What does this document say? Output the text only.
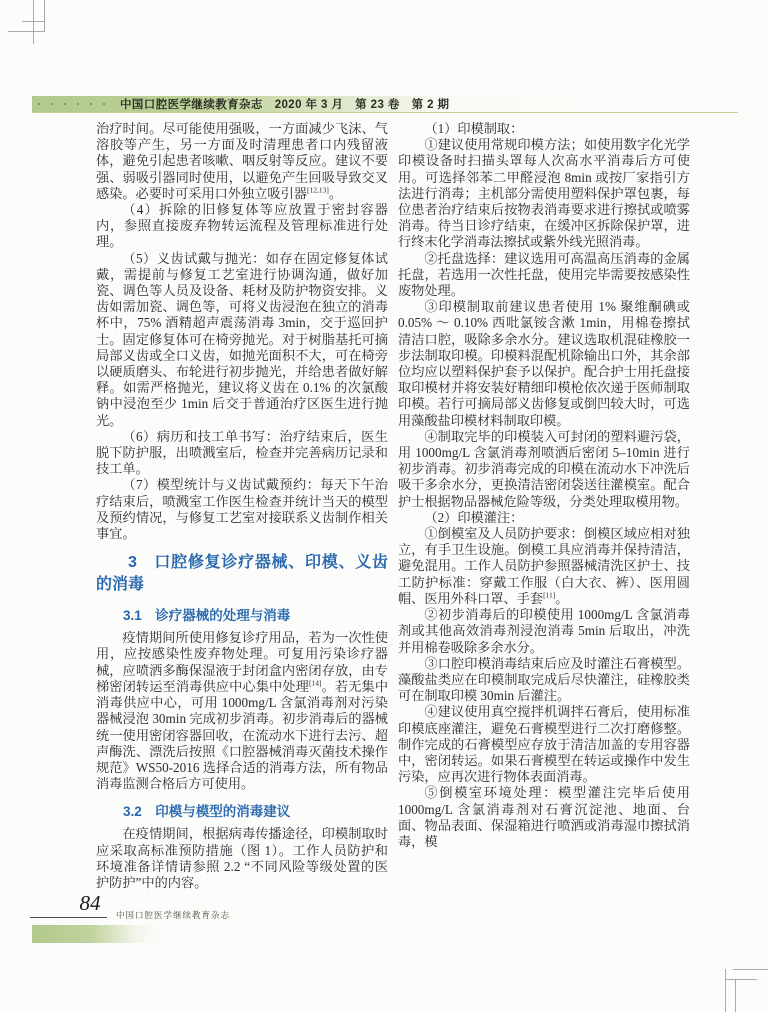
中国口腔医学继续教育杂志　2020 年 3 月　第 23 卷　第 2 期

治疗时间。尽可能使用强吸，一方面减少飞沫、气溶胶等产生，另一方面及时清理患者口内残留液体，避免引起患者咳嗽、咽反射等反应。建议不要强、弱吸引器同时使用，以避免产生回吸导致交叉感染。必要时可采用口外独立吸引器[12,13]。

（4）拆除的旧修复体等应放置于密封容器内，参照直接废弃物转运流程及管理标准进行处理。

（5）义齿试戴与抛光：如存在固定修复体试戴，需提前与修复工艺室进行协调沟通，做好加瓷、调色等人员及设备、耗材及防护物资安排。义齿如需加瓷、调色等，可将义齿浸泡在独立的消毒杯中，75% 酒精超声震荡消毒 3min，交于巡回护士。固定修复体可在椅旁抛光。对于树脂基托可摘局部义齿或全口义齿，如抛光面积不大，可在椅旁以硬质磨头、布轮进行初步抛光，并给患者做好解释。如需严格抛光，建议将义齿在 0.1% 的次氯酸钠中浸泡至少 1min 后交于普通治疗区医生进行抛光。

（6）病历和技工单书写：治疗结束后，医生脱下防护服，出喷溅室后，检查并完善病历记录和技工单。

（7）模型统计与义齿试戴预约：每天下午治疗结束后，喷溅室工作医生检查并统计当天的模型及预约情况，与修复工艺室对接联系义齿制作相关事宜。

3　口腔修复诊疗器械、印模、义齿的消毒
3.1　诊疗器械的处理与消毒

疫情期间所使用修复诊疗用品，若为一次性使用，应按感染性废弃物处理。可复用污染诊疗器械，应喷洒多酶保湿液于封闭盒内密闭存放，由专梯密闭转运至消毒供应中心集中处理[14]。若无集中消毒供应中心，可用 1000mg/L 含氯消毒剂对污染器械浸泡 30min 完成初步消毒。初步消毒后的器械统一使用密闭容器回收，在流动水下进行去污、超声酶洗、漂洗后按照《口腔器械消毒灭菌技术操作规范》WS50-2016 选择合适的消毒方法，所有物品消毒监测合格后方可使用。

3.2　印模与模型的消毒建议

在疫情期间，根据病毒传播途径，印模制取时应采取高标准预防措施（图 1）。工作人员防护和环境准备详情请参照 2.2 “不同风险等级处置的医护防护”中的内容。

（1）印模制取：

①建议使用常规印模方法；如使用数字化光学印模设备时扫描头罩每人次高水平消毒后方可使用。可选择邻苯二甲醛浸泡 8min 或按厂家指引方法进行消毒；主机部分需使用塑料保护罩包裹，每位患者治疗结束后按物表消毒要求进行擦拭或喷雾消毒。待当日诊疗结束，在缓冲区拆除保护罩，进行终末化学消毒法擦拭或紫外线光照消毒。

②托盘选择：建议选用可高温高压消毒的金属托盘，若选用一次性托盘，使用完毕需要按感染性废物处理。

③印模制取前建议患者使用 1% 聚维酮碘或 0.05% ～ 0.10% 西吡氯铵含漱 1min，用棉卷擦拭清洁口腔，吸除多余水分。建议选取机混硅橡胶一步法制取印模。印模料混配机除输出口外，其余部位均应以塑料保护套予以保护。配合护士用托盘接取印模材并将安装好精细印模枪依次递于医师制取印模。若行可摘局部义齿修复或倒凹较大时，可选用藻酸盐印模材料制取印模。

④制取完毕的印模装入可封闭的塑料避污袋，用 1000mg/L 含氯消毒剂喷洒后密闭 5–10min 进行初步消毒。初步消毒完成的印模在流动水下冲洗后吸干多余水分，更换清洁密闭袋送往灌模室。配合护士根据物品器械危险等级，分类处理取模用物。

（2）印模灌注：

①倒模室及人员防护要求：倒模区域应相对独立，有手卫生设施。倒模工具应消毒并保持清洁，避免混用。工作人员防护参照器械清洗区护士、技工防护标准：穿戴工作服（白大衣、裤）、医用圆帽、医用外科口罩、手套[11]。

②初步消毒后的印模使用 1000mg/L 含氯消毒剂或其他高效消毒剂浸泡消毒 5min 后取出，冲洗并用棉卷吸除多余水分。

③口腔印模消毒结束后应及时灌注石膏模型。藻酸盐类应在印模制取完成后尽快灌注，硅橡胶类可在制取印模 30min 后灌注。

④建议使用真空搅拌机调拌石膏后，使用标准印模底座灌注，避免石膏模型进行二次打磨修整。制作完成的石膏模型应存放于清洁加盖的专用容器中，密闭转运。如果石膏模型在转运或操作中发生污染，应再次进行物体表面消毒。

⑤倒模室环境处理：模型灌注完毕后使用 1000mg/L 含氯消毒剂对石膏沉淀池、地面、台面、物品表面、保湿箱进行喷洒或消毒湿巾擦拭消毒，模

84	中国口腔医学继续教育杂志
